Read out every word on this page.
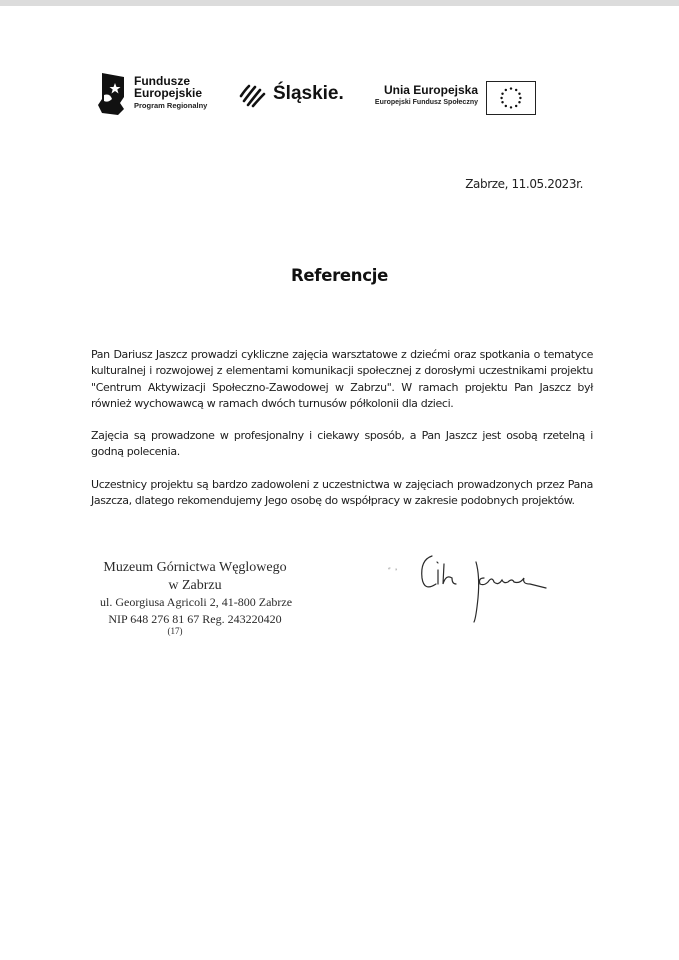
Fundusze
Europejskie
Program Regionalny
Śląskie.	Unia Europejska
Europejski Fundusz Społeczny
Zabrze, 11.05.2023r.
Referencje

Pan Dariusz Jaszcz prowadzi cykliczne zajęcia warsztatowe z dziećmi oraz spotkania o tematyce kulturalnej i rozwojowej z elementami komunikacji społecznej z dorosłymi uczestnikami projektu "Centrum Aktywizacji Społeczno-Zawodowej w Zabrzu". W ramach projektu Pan Jaszcz był również wychowawcą w ramach dwóch turnusów półkolonii dla dzieci.

Zajęcia są prowadzone w profesjonalny i ciekawy sposób, a Pan Jaszcz jest osobą rzetelną i godną polecenia.

Uczestnicy projektu są bardzo zadowoleni z uczestnictwa w zajęciach prowadzonych przez Pana Jaszcza, dlatego rekomendujemy Jego osobę do współpracy w zakresie podobnych projektów.

Muzeum Górnictwa Węglowego
w Zabrzu
ul. Georgiusa Agricoli 2, 41-800 Zabrze
NIP 648 276 81 67 Reg. 243220420
(17)
